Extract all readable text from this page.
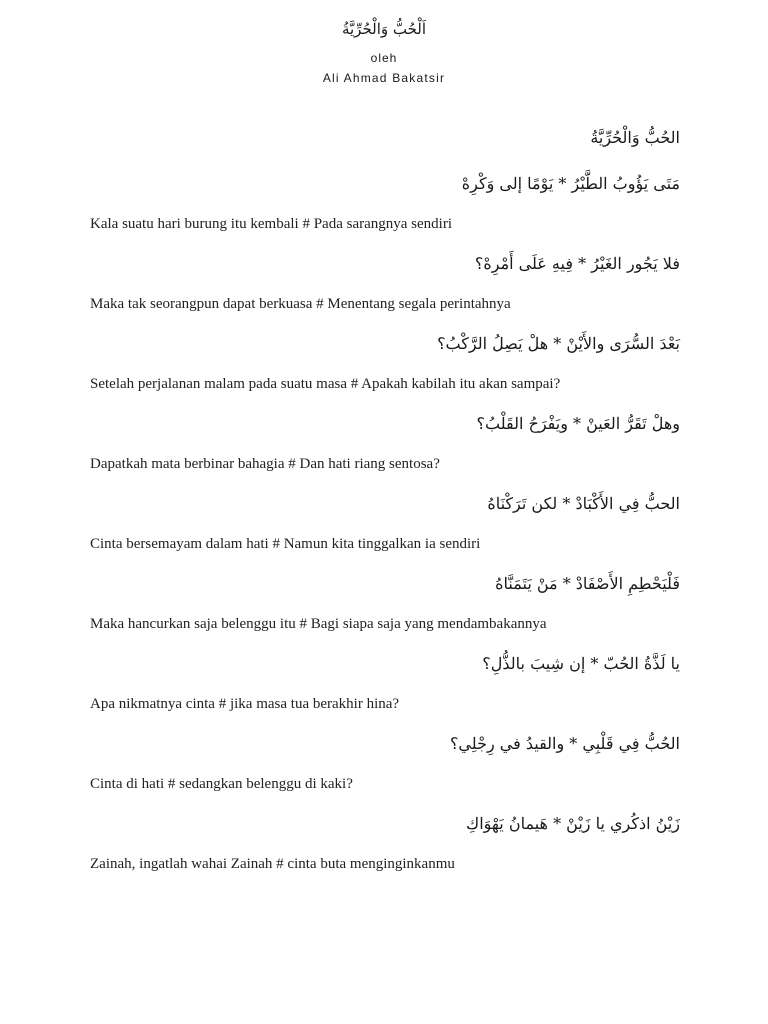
اَلْحُبُّ وَالْحُرِّيَّةُ
oleh
Ali Ahmad Bakatsir
الحُبُّ وَالْحُرِّيَّةُ
مَتَى يَؤُوبُ الطَّيْرُ * يَوْمًا إلى وَكْرِهْ
Kala suatu hari burung itu kembali # Pada sarangnya sendiri
فلا يَجُور الغَيْرُ * فِيهِ عَلَى أَمْرِهْ؟
Maka tak seorangpun dapat berkuasa # Menentang segala perintahnya
بَعْدَ السُّرَى والأَيْنْ * هلْ يَصِلُ الرَّكْبُ؟
Setelah perjalanan malam pada suatu masa # Apakah kabilah itu akan sampai?
وهلْ تَقَرُّ العَينْ * ويَفْرَحُ القَلْبُ؟
Dapatkah mata berbinar bahagia # Dan hati riang sentosa?
الحبُّ فِي الأَكْبَادْ * لكن تَرَكْنَاهُ
Cinta bersemayam dalam hati # Namun kita tinggalkan ia sendiri
فَلْيَحْطِمِ الأَصْفَادْ * مَنْ يَتَمَنَّاهُ
Maka hancurkan saja belenggu itu # Bagi siapa saja yang mendambakannya
يا لَذَّةُ الحُبّ * إن شِيبَ بالذُّلِ؟
Apa nikmatnya cinta # jika masa tua berakhir hina?
الحُبُّ فِي قَلْبِي * والقيدُ في رِجْلِي؟
Cinta di hati # sedangkan belenggu di kaki?
زَيْنُ اذكُري يا زَيْنْ * هَيمانُ يَهْوَاكِ
Zainah, ingatlah wahai Zainah # cinta buta menginginkanmu
